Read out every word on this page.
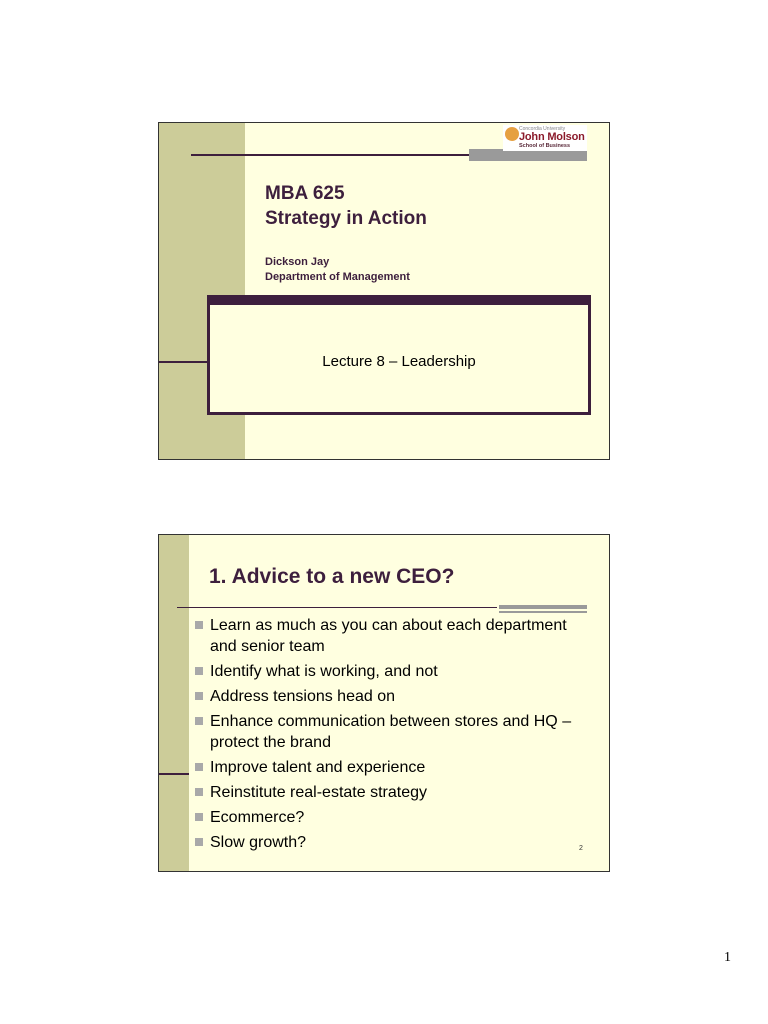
Concordia University
John Molson
School of Business
MBA 625
Strategy in Action
Dickson Jay
Department of Management
Lecture 8 – Leadership
1. Advice to a new CEO?
Learn as much as you can about each department and senior team
Identify what is working, and not
Address tensions head on
Enhance communication between stores and HQ – protect the brand
Improve talent and experience
Reinstitute real-estate strategy
Ecommerce?
Slow growth?	2
1
